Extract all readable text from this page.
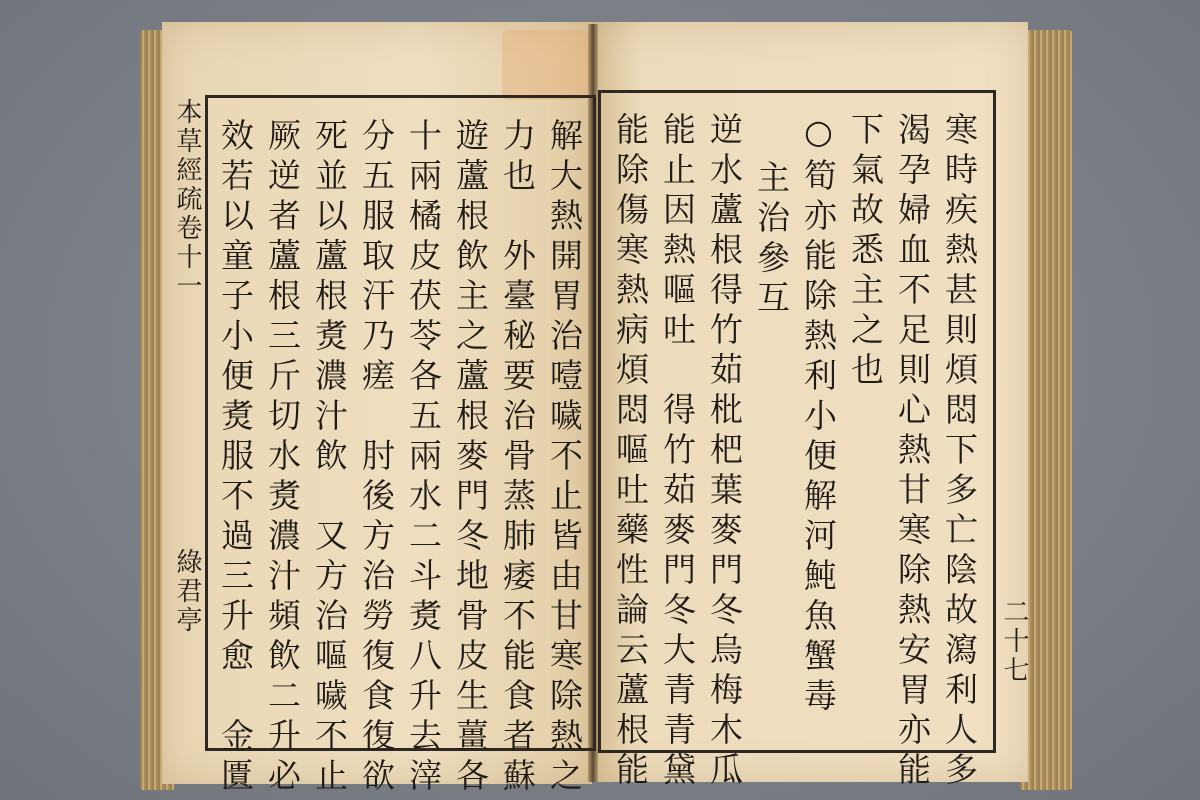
本草經疏卷十一
綠君亭	解大熱開胃治噎噦不止皆由甘寒除熱之
力也　外臺秘要治骨蒸肺痿不能食者蘇
遊蘆根飲主之蘆根麥門冬地骨皮生薑各
十兩橘皮茯苓各五兩水二斗煑八升去滓
分五服取汗乃瘥　肘後方治勞復食復欲
死並以蘆根煑濃汁飲　又方治嘔噦不止
厥逆者蘆根三斤切水煑濃汁頻飲二升必
效若以童子小便煑服不過三升愈　金匱	寒時疾熱甚則煩悶下多亡陰故瀉利人多
渴孕婦血不足則心熱甘寒除熱安胃亦能
下氣故悉主之也
○筍亦能除熱利小便解河魨魚蟹毒
主治參互
逆水蘆根得竹茹枇杷葉麥門冬烏梅木瓜
能止因熱嘔吐　得竹茹麥門冬大青青黛
能除傷寒熱病煩悶嘔吐藥性論云蘆根能	二十七
